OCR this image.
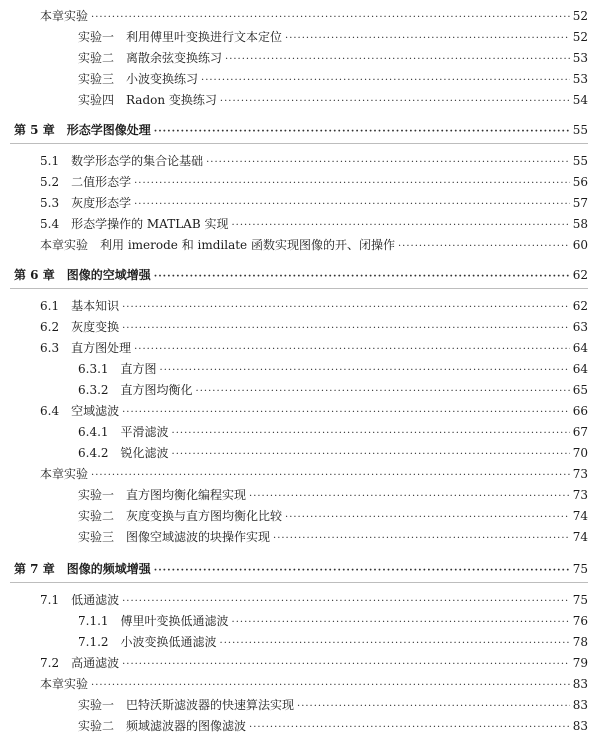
本章实验 ·····	52
实验一　利用傅里叶变换进行文本定位 ·····	52
实验二　离散余弦变换练习 ·····	53
实验三　小波变换练习 ·····	53
实验四　Radon 变换练习 ·····	54
第 5 章　形态学图像处理 ·····	55
5.1　数学形态学的集合论基础 ·····	55
5.2　二值形态学 ·····	56
5.3　灰度形态学 ·····	57
5.4　形态学操作的 MATLAB 实现 ·····	58
本章实验　利用 imerode 和 imdilate 函数实现图像的开、闭操作 ·····	60
第 6 章　图像的空域增强 ·····	62
6.1　基本知识 ·····	62
6.2　灰度变换 ·····	63
6.3　直方图处理 ·····	64
6.3.1　直方图 ·····	64
6.3.2　直方图均衡化 ·····	65
6.4　空域滤波 ·····	66
6.4.1　平滑滤波 ·····	67
6.4.2　锐化滤波 ·····	70
本章实验 ·····	73
实验一　直方图均衡化编程实现 ·····	73
实验二　灰度变换与直方图均衡化比较 ·····	74
实验三　图像空域滤波的块操作实现 ·····	74
第 7 章　图像的频域增强 ·····	75
7.1　低通滤波 ·····	75
7.1.1　傅里叶变换低通滤波 ·····	76
7.1.2　小波变换低通滤波 ·····	78
7.2　高通滤波 ·····	79
本章实验 ·····	83
实验一　巴特沃斯滤波器的快速算法实现 ·····	83
实验二　频域滤波器的图像滤波 ·····	83
